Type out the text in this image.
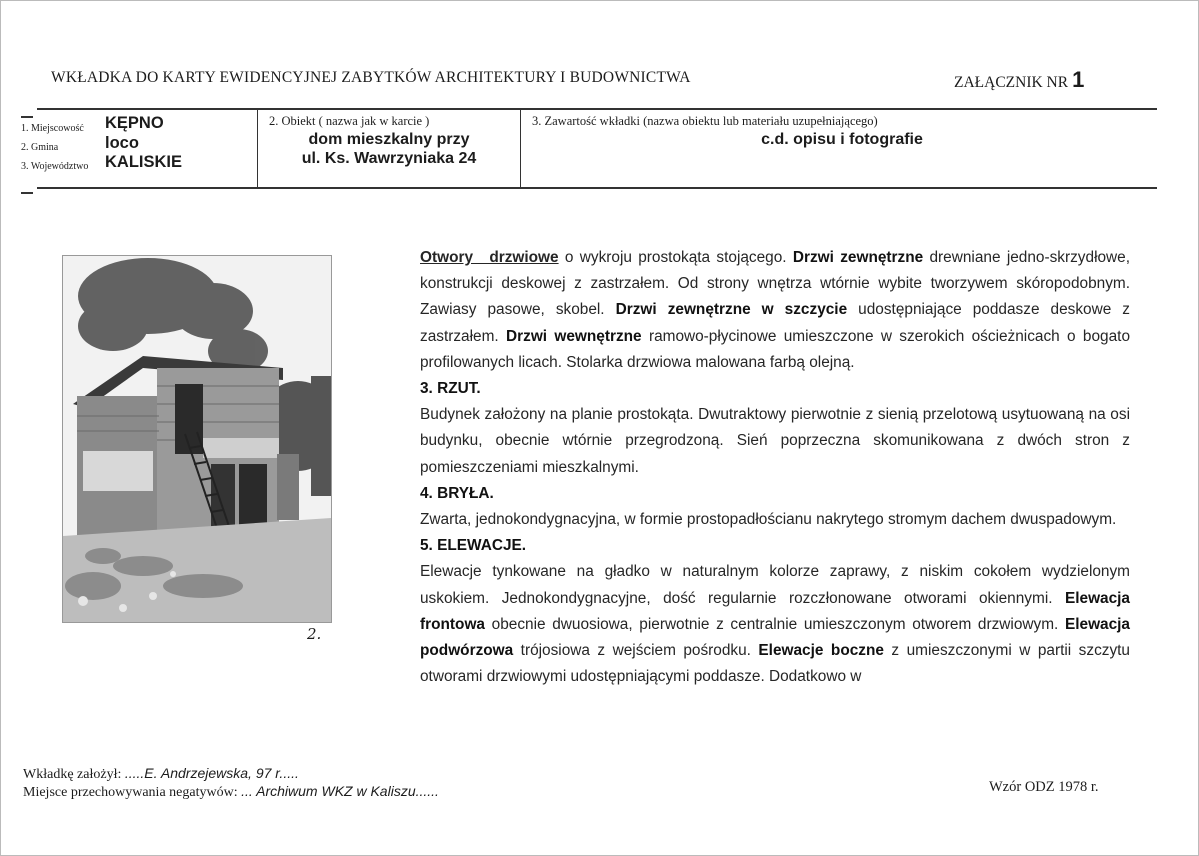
WKŁADKA DO KARTY EWIDENCYJNEJ ZABYTKÓW ARCHITEKTURY I BUDOWNICTWA	ZAŁĄCZNIK NR 1
1. Miejscowość KĘPNO
2. Gmina	loco
3. Województwo KALISKIE
2. Obiekt ( nazwa jak w karcie )
dom mieszkalny przy
ul. Ks. Wawrzyniaka 24
3. Zawartość wkładki (nazwa obiektu lub materiału uzupełniającego)
c.d. opisu i fotografie
2.

Otwory drzwiowe o wykroju prostokąta stojącego. Drzwi zewnętrzne drewniane jedno-skrzydłowe, konstrukcji deskowej z zastrzałem. Od strony wnętrza wtórnie wybite tworzywem skóropodobnym. Zawiasy pasowe, skobel. Drzwi zewnętrzne w szczycie udostępniające poddasze deskowe z zastrzałem. Drzwi wewnętrzne ramowo-płycinowe umieszczone w szerokich ościeżnicach o bogato profilowanych licach. Stolarka drzwiowa malowana farbą olejną.

3. RZUT.

Budynek założony na planie prostokąta. Dwutraktowy pierwotnie z sienią przelotową usytuowaną na osi budynku, obecnie wtórnie przegrodzoną. Sień poprzeczna skomunikowana z dwóch stron z pomieszczeniami mieszkalnymi.

4. BRYŁA.

Zwarta, jednokondygnacyjna, w formie prostopadłościanu nakrytego stromym dachem dwuspadowym.

5. ELEWACJE.

Elewacje tynkowane na gładko w naturalnym kolorze zaprawy, z niskim cokołem wydzielonym uskokiem. Jednokondygnacyjne, dość regularnie rozczłonowane otworami okiennymi. Elewacja frontowa obecnie dwuosiowa, pierwotnie z centralnie umieszczonym otworem drzwiowym. Elewacja podwórzowa trójosiowa z wejściem pośrodku. Elewacje boczne z umieszczonymi w partii szczytu otworami drzwiowymi udostępniającymi poddasze. Dodatkowo w

Wkładkę założył: .....E. Andrzejewska, 97 r.....
Miejsce przechowywania negatywów: ... Archiwum WKZ w Kaliszu......	Wzór ODZ 1978 r.
